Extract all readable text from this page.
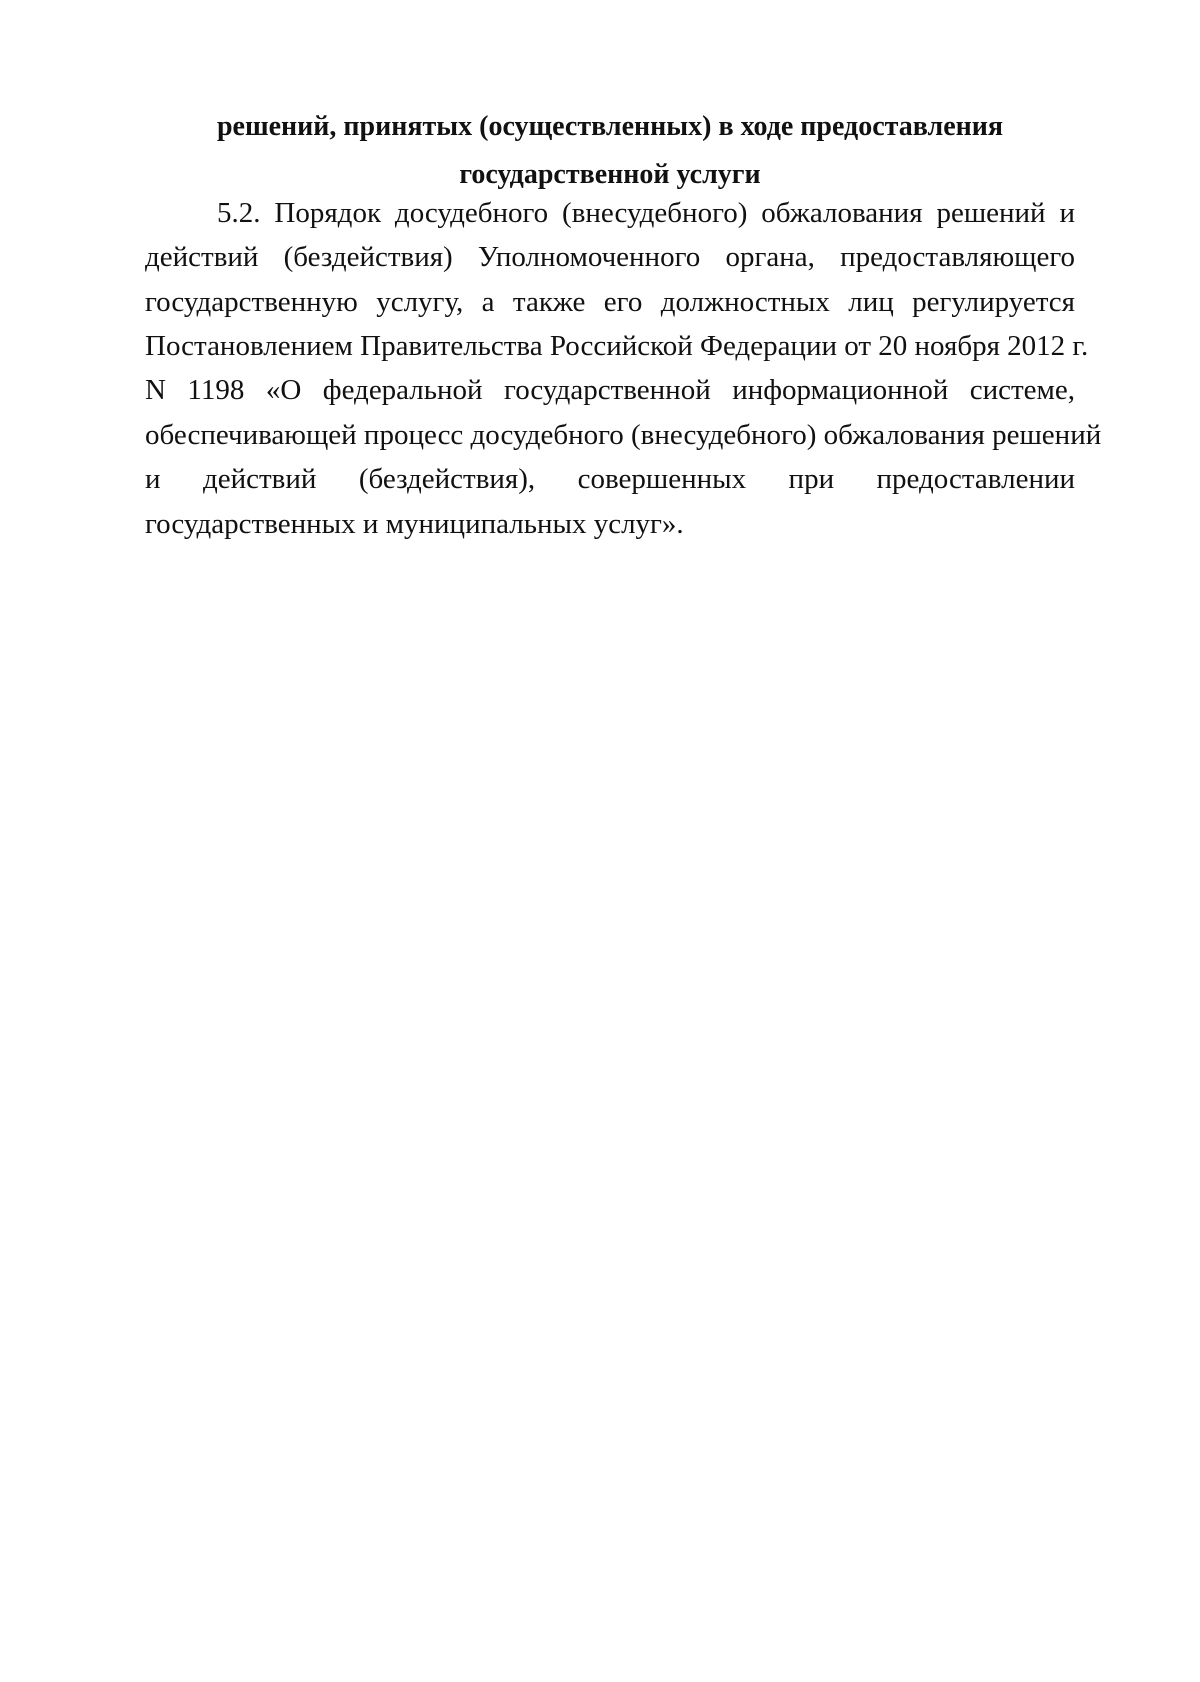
решений, принятых (осуществленных) в ходе предоставления
государственной услуги
5.2. Порядок досудебного (внесудебного) обжалования решений и
действий (бездействия) Уполномоченного органа, предоставляющего
государственную услугу, а также его должностных лиц регулируется
Постановлением Правительства Российской Федерации от 20 ноября 2012 г.
N 1198 «О федеральной государственной информационной системе,
обеспечивающей процесс досудебного (внесудебного) обжалования решений
и действий (бездействия), совершенных при предоставлении
государственных и муниципальных услуг».
